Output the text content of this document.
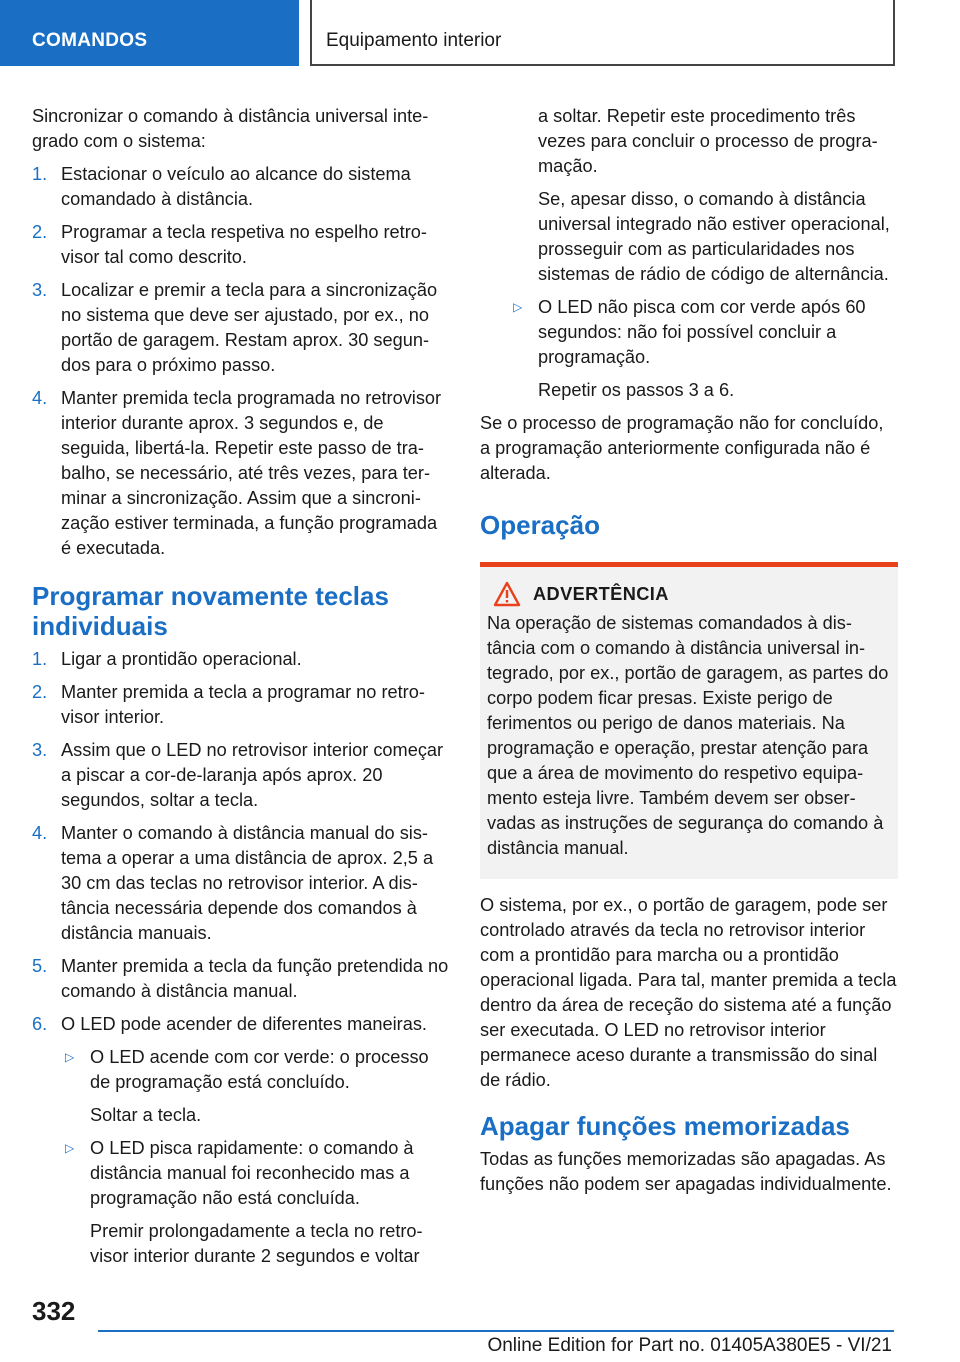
COMANDOS	Equipamento interior

Sincronizar o comando à distância universal integrado com o sistema:

1. Estacionar o veículo ao alcance do sistema comandado à distância.
2. Programar a tecla respetiva no espelho retrovisor tal como descrito.
3. Localizar e premir a tecla para a sincronização no sistema que deve ser ajustado, por ex., no portão de garagem. Restam aprox. 30 segundos para o próximo passo.
4. Manter premida tecla programada no retrovisor interior durante aprox. 3 segundos e, de seguida, libertá-la. Repetir este passo de trabalho, se necessário, até três vezes, para terminar a sincronização. Assim que a sincronização estiver terminada, a função programada é executada.
Programar novamente teclas individuais
1. Ligar a prontidão operacional.
2. Manter premida a tecla a programar no retrovisor interior.
3. Assim que o LED no retrovisor interior começar a piscar a cor-de-laranja após aprox. 20 segundos, soltar a tecla.
4. Manter o comando à distância manual do sistema a operar a uma distância de aprox. 2,5 a 30 cm das teclas no retrovisor interior. A distância necessária depende dos comandos à distância manuais.
5. Manter premida a tecla da função pretendida no comando à distância manual.
6. O LED pode acender de diferentes maneiras.
▷ O LED acende com cor verde: o processo de programação está concluído.

Soltar a tecla.

▷ O LED pisca rapidamente: o comando à distância manual foi reconhecido mas a programação não está concluída.

Premir prolongadamente a tecla no retrovisor interior durante 2 segundos e voltar

a soltar. Repetir este procedimento três vezes para concluir o processo de programação.

Se, apesar disso, o comando à distância universal integrado não estiver operacional, prosseguir com as particularidades nos sistemas de rádio de código de alternância.

▷ O LED não pisca com cor verde após 60 segundos: não foi possível concluir a programação.

Repetir os passos 3 a 6.

Se o processo de programação não for concluído, a programação anteriormente configurada não é alterada.

Operação
ADVERTÊNCIA

Na operação de sistemas comandados à distância com o comando à distância universal integrado, por ex., portão de garagem, as partes do corpo podem ficar presas. Existe perigo de ferimentos ou perigo de danos materiais. Na programação e operação, prestar atenção para que a área de movimento do respetivo equipamento esteja livre. Também devem ser observadas as instruções de segurança do comando à distância manual.

O sistema, por ex., o portão de garagem, pode ser controlado através da tecla no retrovisor interior com a prontidão para marcha ou a prontidão operacional ligada. Para tal, manter premida a tecla dentro da área de receção do sistema até a função ser executada. O LED no retrovisor interior permanece aceso durante a transmissão do sinal de rádio.

Apagar funções memorizadas

Todas as funções memorizadas são apagadas. As funções não podem ser apagadas individualmente.

332
Online Edition for Part no. 01405A380E5 - VI/21
